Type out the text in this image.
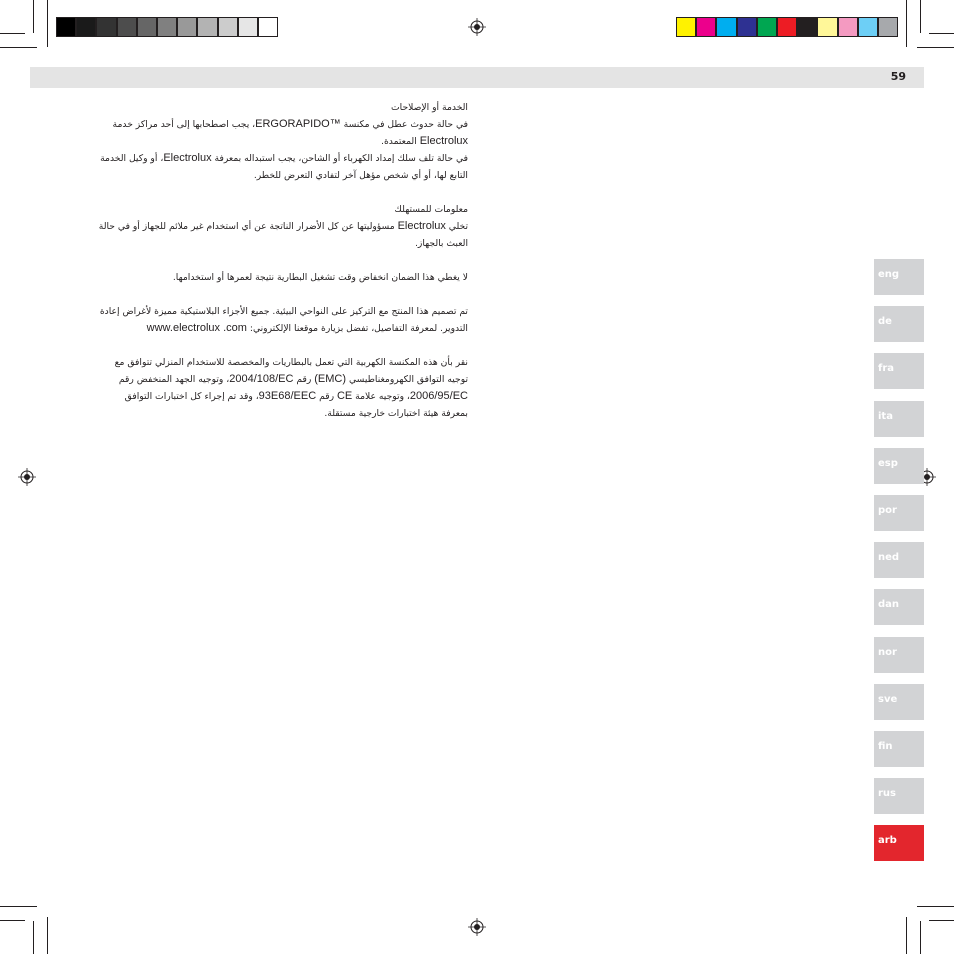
59
الخدمة أو الإصلاحات
في حالة حدوث عطل في مكنسة ERGORAPIDO™، يجب اصطحابها إلى أحد مراكز خدمة Electrolux المعتمدة.

في حالة تلف سلك إمداد الكهرباء أو الشاحن، يجب استبداله بمعرفة Electrolux، أو وكيل الخدمة التابع لها، أو أي شخص مؤهل آخر لتفادي التعرض للخطر.

معلومات للمستهلك

تخلي Electrolux مسؤوليتها عن كل الأضرار الناتجة عن أي استخدام غير ملائم للجهاز أو في حالة العبث بالجهاز.

لا يغطي هذا الضمان انخفاض وقت تشغيل البطارية نتيجة لعمرها أو استخدامها.

تم تصميم هذا المنتج مع التركيز على النواحي البيئية. جميع الأجزاء البلاستيكية مميزة لأغراض إعادة التدوير. لمعرفة التفاصيل، تفضل بزيارة موقعنا الإلكتروني: www.electrolux .com

نقر بأن هذه المكنسة الكهربية التي تعمل بالبطاريات والمخصصة للاستخدام المنزلي تتوافق مع توجيه التوافق الكهرومغناطيسي (EMC) رقم 2004/108/EC، وتوجيه الجهد المنخفض رقم 2006/95/EC، وتوجيه علامة CE رقم 93E68/EEC، وقد تم إجراء كل اختبارات التوافق بمعرفة هيئة اختبارات خارجية مستقلة.

eng
de
fra
ita
esp
por
ned
dan
nor
sve
fin
rus
arb
